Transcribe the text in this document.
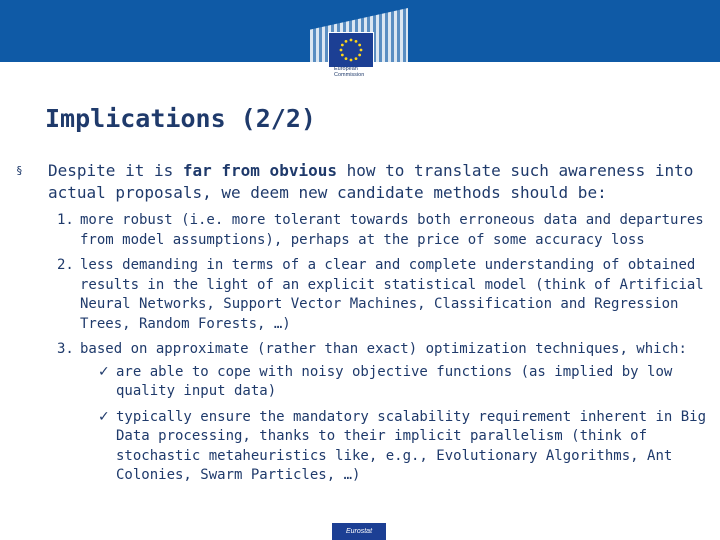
European
Commission
Implications (2/2)
§ Despite it is far from obvious how to translate such awareness into actual proposals, we deem new candidate methods should be:
1. more robust (i.e. more tolerant towards both erroneous data and departures from model assumptions), perhaps at the price of some accuracy loss
2. less demanding in terms of a clear and complete understanding of obtained results in the light of an explicit statistical model (think of Artificial Neural Networks, Support Vector Machines, Classification and Regression Trees, Random Forests, …)
3. based on approximate (rather than exact) optimization techniques, which:
✓ are able to cope with noisy objective functions (as implied by low quality input data)
✓ typically ensure the mandatory scalability requirement inherent in Big Data processing, thanks to their implicit parallelism (think of stochastic metaheuristics like, e.g., Evolutionary Algorithms, Ant Colonies, Swarm Particles, …)
Eurostat
